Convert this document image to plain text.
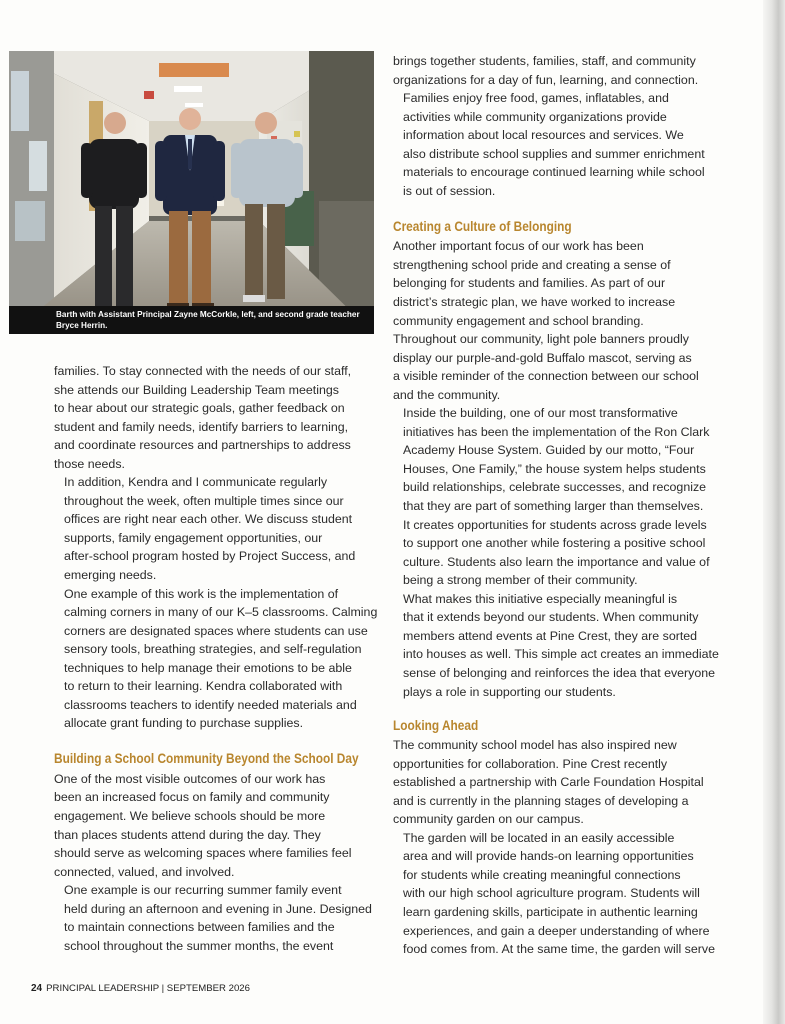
Barth with Assistant Principal Zayne McCorkle, left, and second grade teacher
Bryce Herrin.

families. To stay connected with the needs of our staff,
she attends our Building Leadership Team meetings
to hear about our strategic goals, gather feedback on
student and family needs, identify barriers to learning,
and coordinate resources and partnerships to address
those needs.

In addition, Kendra and I communicate regularly
throughout the week, often multiple times since our
offices are right near each other. We discuss student
supports, family engagement opportunities, our
after-school program hosted by Project Success, and
emerging needs.

One example of this work is the implementation of
calming corners in many of our K–5 classrooms. Calming
corners are designated spaces where students can use
sensory tools, breathing strategies, and self-regulation
techniques to help manage their emotions to be able
to return to their learning. Kendra collaborated with
classrooms teachers to identify needed materials and
allocate grant funding to purchase supplies.

Building a School Community Beyond the School Day

One of the most visible outcomes of our work has
been an increased focus on family and community
engagement. We believe schools should be more
than places students attend during the day. They
should serve as welcoming spaces where families feel
connected, valued, and involved.

One example is our recurring summer family event
held during an afternoon and evening in June. Designed
to maintain connections between families and the
school throughout the summer months, the event

brings together students, families, staff, and community
organizations for a day of fun, learning, and connection.

Families enjoy free food, games, inflatables, and
activities while community organizations provide
information about local resources and services. We
also distribute school supplies and summer enrichment
materials to encourage continued learning while school
is out of session.

Creating a Culture of Belonging

Another important focus of our work has been
strengthening school pride and creating a sense of
belonging for students and families. As part of our
district’s strategic plan, we have worked to increase
community engagement and school branding.
Throughout our community, light pole banners proudly
display our purple-and-gold Buffalo mascot, serving as
a visible reminder of the connection between our school
and the community.

Inside the building, one of our most transformative
initiatives has been the implementation of the Ron Clark
Academy House System. Guided by our motto, “Four
Houses, One Family,” the house system helps students
build relationships, celebrate successes, and recognize
that they are part of something larger than themselves.
It creates opportunities for students across grade levels
to support one another while fostering a positive school
culture. Students also learn the importance and value of
being a strong member of their community.

What makes this initiative especially meaningful is
that it extends beyond our students. When community
members attend events at Pine Crest, they are sorted
into houses as well. This simple act creates an immediate
sense of belonging and reinforces the idea that everyone
plays a role in supporting our students.

Looking Ahead

The community school model has also inspired new
opportunities for collaboration. Pine Crest recently
established a partnership with Carle Foundation Hospital
and is currently in the planning stages of developing a
community garden on our campus.

The garden will be located in an easily accessible
area and will provide hands-on learning opportunities
for students while creating meaningful connections
with our high school agriculture program. Students will
learn gardening skills, participate in authentic learning
experiences, and gain a deeper understanding of where
food comes from. At the same time, the garden will serve

24 PRINCIPAL LEADERSHIP | SEPTEMBER 2026
